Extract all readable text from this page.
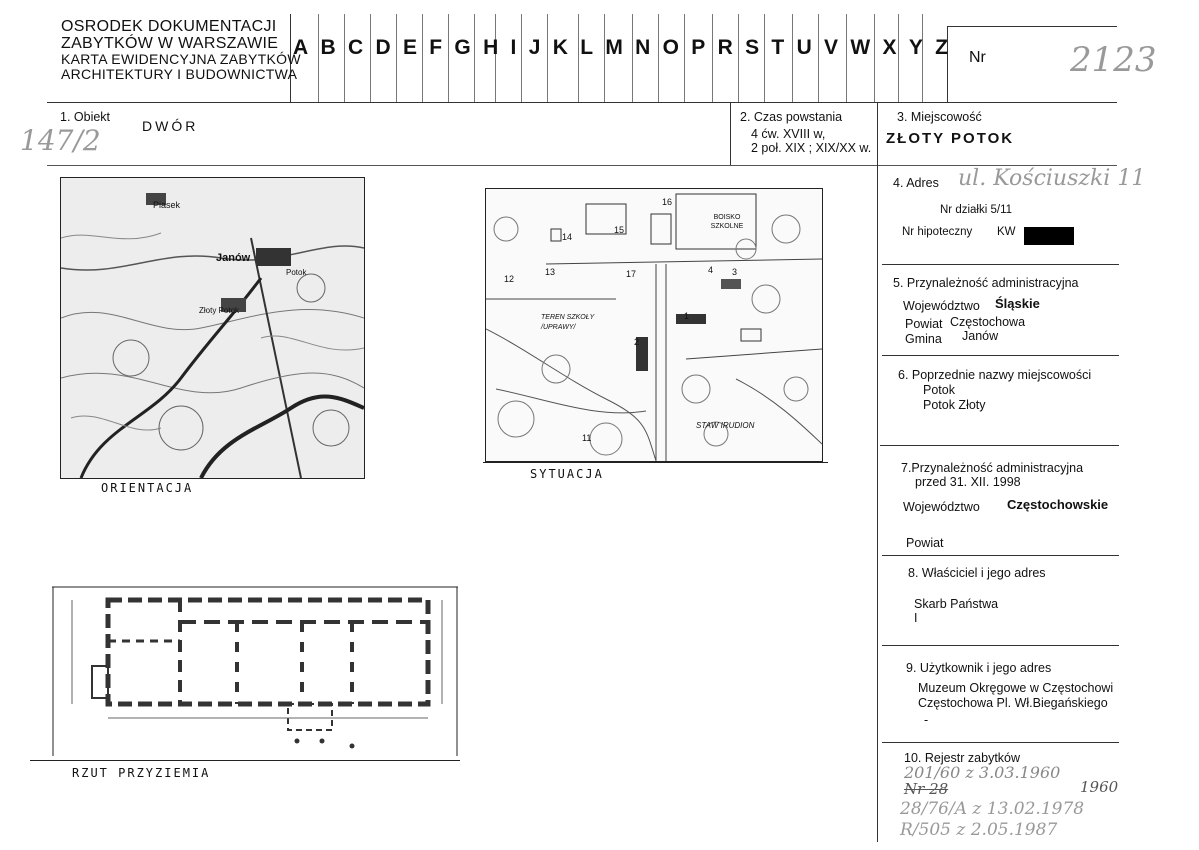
OSRODEK DOKUMENTACJI
ZABYTKÓW W WARSZAWIE
KARTA EWIDENCYJNA ZABYTKÓW
ARCHITEKTURY I BUDOWNICTWA
A B C D E F G H I J K L M N O P R S T U V W X Y Z Nr 2123
1. Obiekt
DWÓR
147/2
2. Czas powstania
4 ćw. XVIII w,
2 poł. XIX ; XIX/XX w.
3. Miejscowość
ZŁOTY POTOK
4. Adres ul. Kościuszki 11
Nr działki 5/11
Nr hipoteczny KW
5. Przynależność administracyjna
Województwo Śląskie
Powiat Częstochowa
Gmina Janów
6. Poprzednie nazwy miejscowości
Potok
Potok Złoty
7.Przynależność administracyjna
przed 31. XII. 1998
Województwo Częstochowskie
Powiat
8. Właściciel i jego adres
Skarb Państwa
I
9. Użytkownik i jego adres
Muzeum Okręgowe w Częstochowi
Częstochowa Pl. Wł.Biegańskiego
-
10. Rejestr zabytków
201/60 z 3.03.1960
Nr 28	1960
28/76/A z 13.02.1978
R/505 z 2.05.1987
Piasek
Janów
Potok
Złoty Potok
ORIENTACJA
16
BOISKO SZKOLNE
14
15
13
12	17	4 3
TEREN SZKOŁY /UPRAWY/
1
2
STAW IRUDION
11
SYTUACJA
RZUT PRZYZIEMIA
